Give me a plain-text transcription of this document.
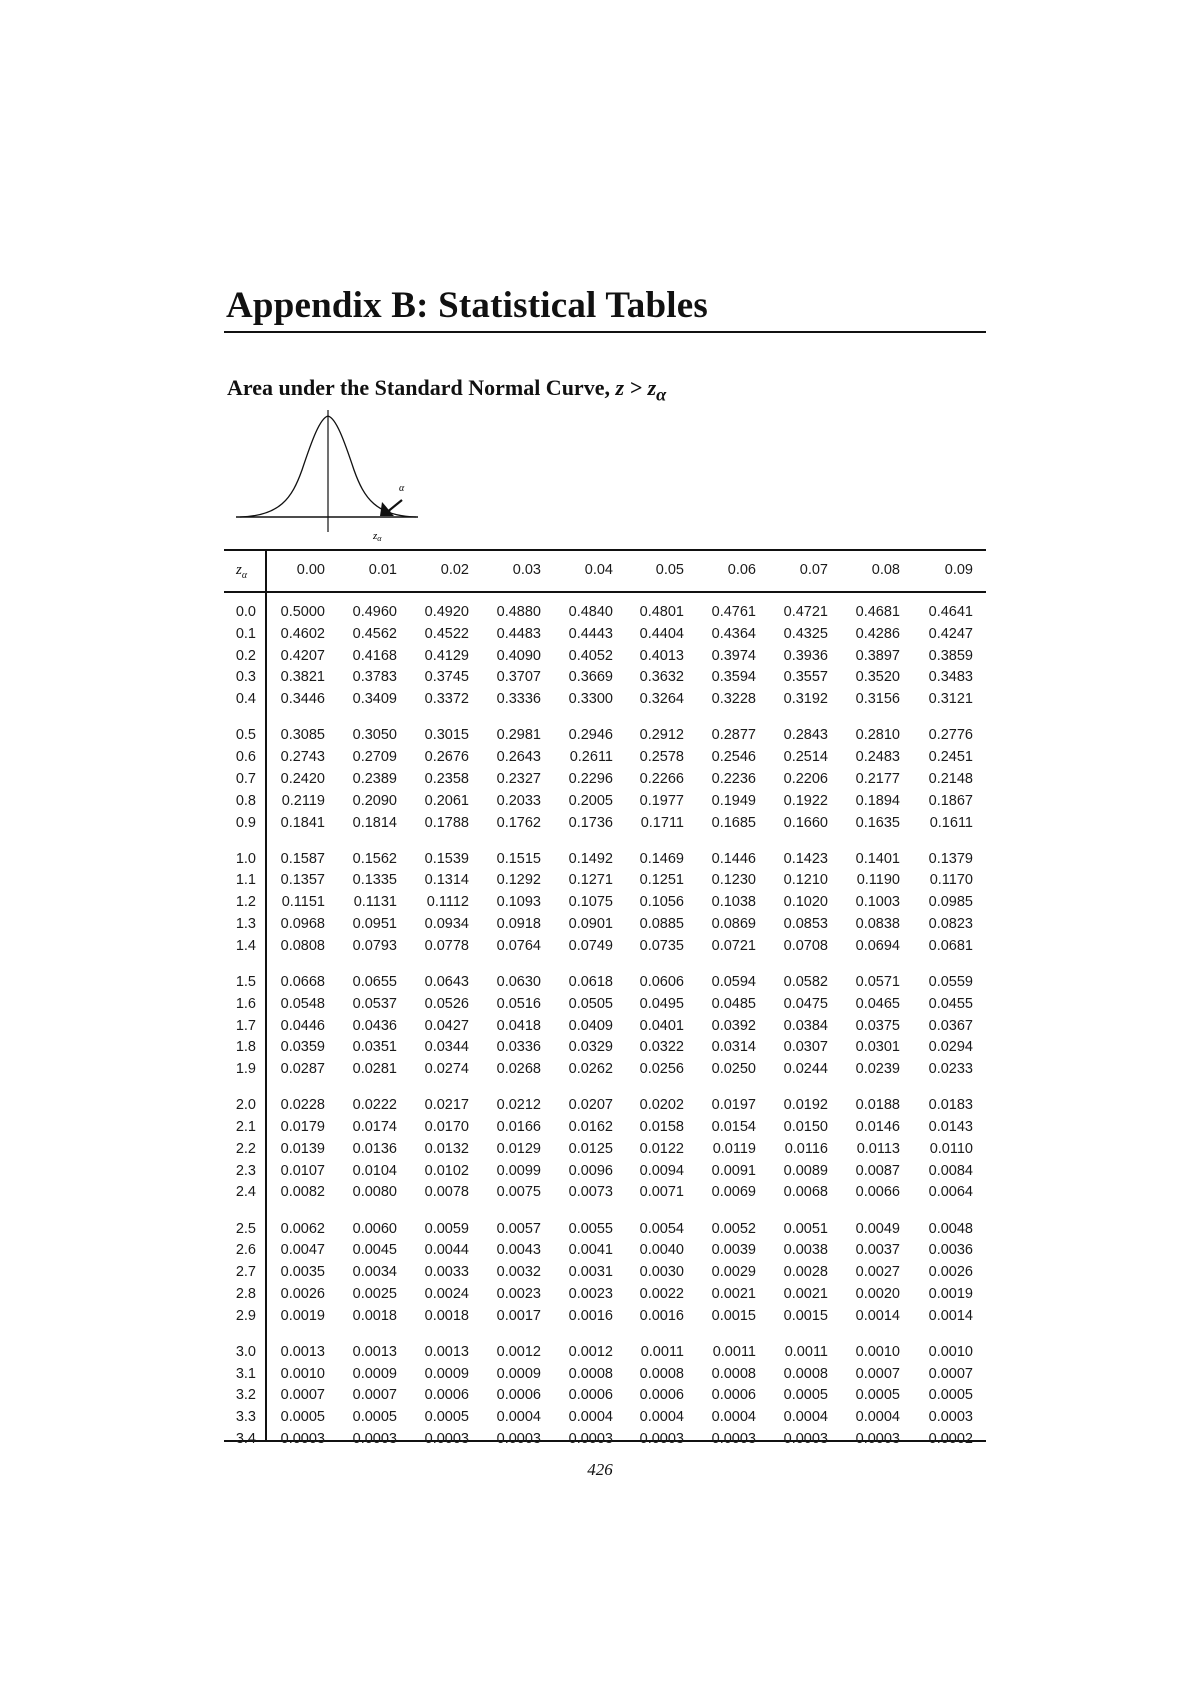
Appendix B: Statistical Tables
Area under the Standard Normal Curve, $z > z_\alpha$
α
zα
$z_\alpha$	0.00	0.01	0.02	0.03	0.04	0.05	0.06	0.07	0.08	0.09
0.0	0.5000	0.4960	0.4920	0.4880	0.4840	0.4801	0.4761	0.4721	0.4681	0.4641
0.1	0.4602	0.4562	0.4522	0.4483	0.4443	0.4404	0.4364	0.4325	0.4286	0.4247
0.2	0.4207	0.4168	0.4129	0.4090	0.4052	0.4013	0.3974	0.3936	0.3897	0.3859
0.3	0.3821	0.3783	0.3745	0.3707	0.3669	0.3632	0.3594	0.3557	0.3520	0.3483
0.4	0.3446	0.3409	0.3372	0.3336	0.3300	0.3264	0.3228	0.3192	0.3156	0.3121
0.5	0.3085	0.3050	0.3015	0.2981	0.2946	0.2912	0.2877	0.2843	0.2810	0.2776
0.6	0.2743	0.2709	0.2676	0.2643	0.2611	0.2578	0.2546	0.2514	0.2483	0.2451
0.7	0.2420	0.2389	0.2358	0.2327	0.2296	0.2266	0.2236	0.2206	0.2177	0.2148
0.8	0.2119	0.2090	0.2061	0.2033	0.2005	0.1977	0.1949	0.1922	0.1894	0.1867
0.9	0.1841	0.1814	0.1788	0.1762	0.1736	0.1711	0.1685	0.1660	0.1635	0.1611
1.0	0.1587	0.1562	0.1539	0.1515	0.1492	0.1469	0.1446	0.1423	0.1401	0.1379
1.1	0.1357	0.1335	0.1314	0.1292	0.1271	0.1251	0.1230	0.1210	0.1190	0.1170
1.2	0.1151	0.1131	0.1112	0.1093	0.1075	0.1056	0.1038	0.1020	0.1003	0.0985
1.3	0.0968	0.0951	0.0934	0.0918	0.0901	0.0885	0.0869	0.0853	0.0838	0.0823
1.4	0.0808	0.0793	0.0778	0.0764	0.0749	0.0735	0.0721	0.0708	0.0694	0.0681
1.5	0.0668	0.0655	0.0643	0.0630	0.0618	0.0606	0.0594	0.0582	0.0571	0.0559
1.6	0.0548	0.0537	0.0526	0.0516	0.0505	0.0495	0.0485	0.0475	0.0465	0.0455
1.7	0.0446	0.0436	0.0427	0.0418	0.0409	0.0401	0.0392	0.0384	0.0375	0.0367
1.8	0.0359	0.0351	0.0344	0.0336	0.0329	0.0322	0.0314	0.0307	0.0301	0.0294
1.9	0.0287	0.0281	0.0274	0.0268	0.0262	0.0256	0.0250	0.0244	0.0239	0.0233
2.0	0.0228	0.0222	0.0217	0.0212	0.0207	0.0202	0.0197	0.0192	0.0188	0.0183
2.1	0.0179	0.0174	0.0170	0.0166	0.0162	0.0158	0.0154	0.0150	0.0146	0.0143
2.2	0.0139	0.0136	0.0132	0.0129	0.0125	0.0122	0.0119	0.0116	0.0113	0.0110
2.3	0.0107	0.0104	0.0102	0.0099	0.0096	0.0094	0.0091	0.0089	0.0087	0.0084
2.4	0.0082	0.0080	0.0078	0.0075	0.0073	0.0071	0.0069	0.0068	0.0066	0.0064
2.5	0.0062	0.0060	0.0059	0.0057	0.0055	0.0054	0.0052	0.0051	0.0049	0.0048
2.6	0.0047	0.0045	0.0044	0.0043	0.0041	0.0040	0.0039	0.0038	0.0037	0.0036
2.7	0.0035	0.0034	0.0033	0.0032	0.0031	0.0030	0.0029	0.0028	0.0027	0.0026
2.8	0.0026	0.0025	0.0024	0.0023	0.0023	0.0022	0.0021	0.0021	0.0020	0.0019
2.9	0.0019	0.0018	0.0018	0.0017	0.0016	0.0016	0.0015	0.0015	0.0014	0.0014
3.0	0.0013	0.0013	0.0013	0.0012	0.0012	0.0011	0.0011	0.0011	0.0010	0.0010
3.1	0.0010	0.0009	0.0009	0.0009	0.0008	0.0008	0.0008	0.0008	0.0007	0.0007
3.2	0.0007	0.0007	0.0006	0.0006	0.0006	0.0006	0.0006	0.0005	0.0005	0.0005
3.3	0.0005	0.0005	0.0005	0.0004	0.0004	0.0004	0.0004	0.0004	0.0004	0.0003
3.4	0.0003	0.0003	0.0003	0.0003	0.0003	0.0003	0.0003	0.0003	0.0003	0.0002
426
